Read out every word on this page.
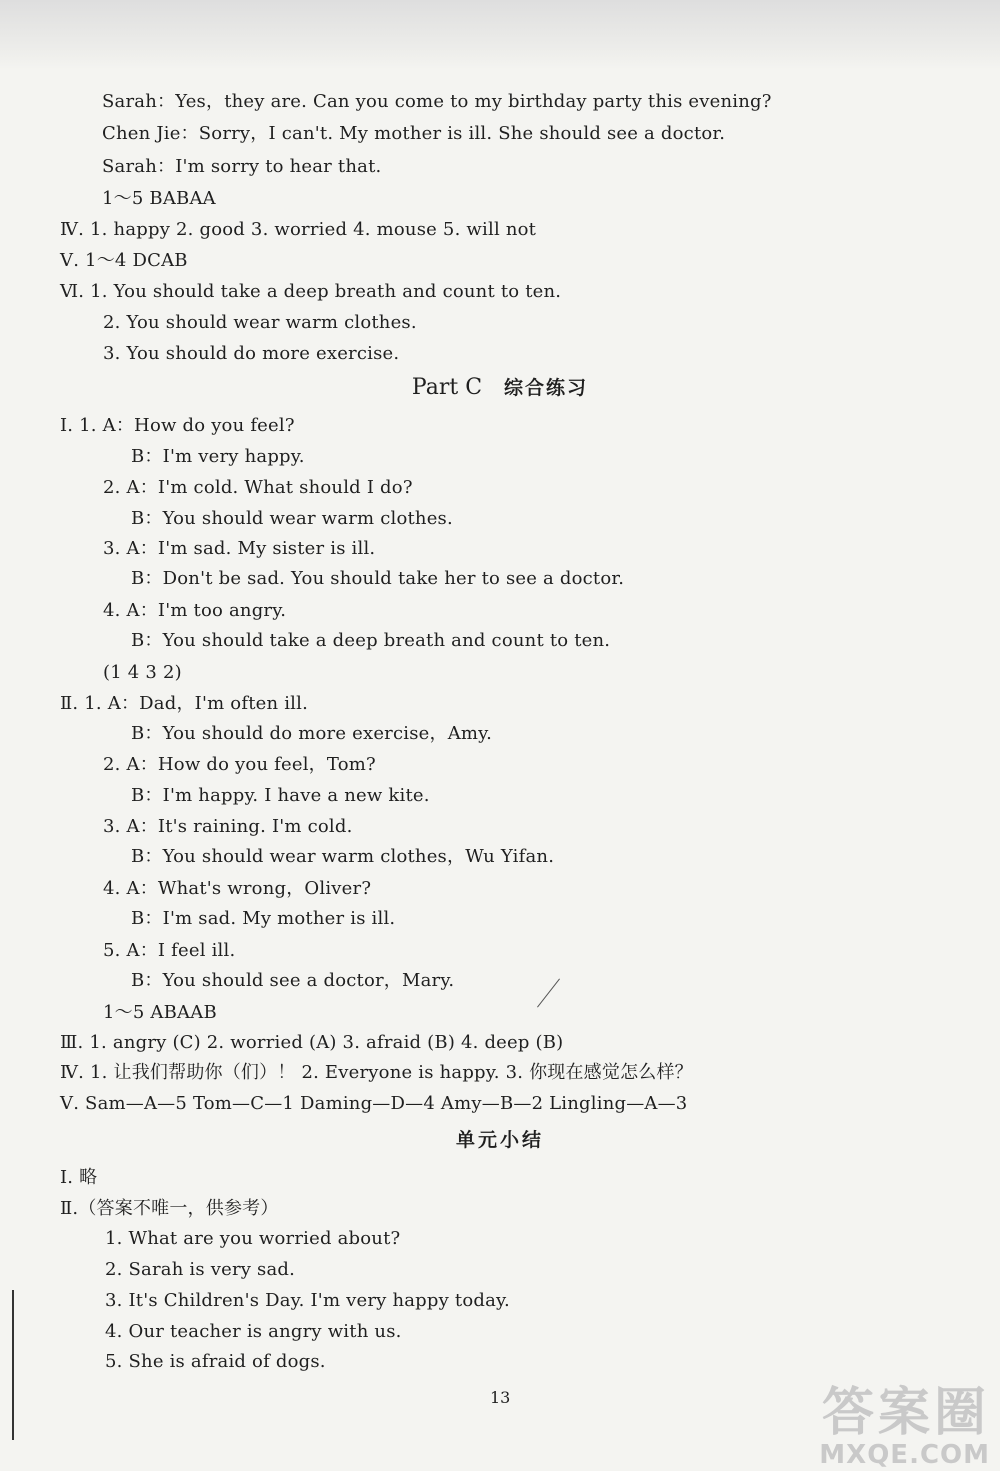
Sarah：Yes，they are. Can you come to my birthday party this evening?
Chen Jie：Sorry，I can't. My mother is ill. She should see a doctor.
Sarah：I'm sorry to hear that.
1～5 BABAA
Ⅳ. 1. happy 2. good 3. worried 4. mouse 5. will not
Ⅴ. 1～4 DCAB
Ⅵ. 1. You should take a deep breath and count to ten.
2. You should wear warm clothes.
3. You should do more exercise.
Ⅰ. 1. A：How do you feel?
B：I'm very happy.
2. A：I'm cold. What should I do?
B：You should wear warm clothes.
3. A：I'm sad. My sister is ill.
B：Don't be sad. You should take her to see a doctor.
4. A：I'm too angry.
B：You should take a deep breath and count to ten.
(1 4 3 2)
Ⅱ. 1. A：Dad，I'm often ill.
B：You should do more exercise，Amy.
2. A：How do you feel，Tom?
B：I'm happy. I have a new kite.
3. A：It's raining. I'm cold.
B：You should wear warm clothes，Wu Yifan.
4. A：What's wrong，Oliver?
B：I'm sad. My mother is ill.
5. A：I feel ill.
B：You should see a doctor，Mary.
1～5 ABAAB
Ⅲ. 1. angry (C) 2. worried (A) 3. afraid (B) 4. deep (B)
Ⅳ. 1. 让我们帮助你（们）！ 2. Everyone is happy. 3. 你现在感觉怎么样？
Ⅴ. Sam—A—5 Tom—C—1 Daming—D—4 Amy—B—2 Lingling—A—3
Ⅰ. 略
Ⅱ.（答案不唯一，供参考）
1. What are you worried about?
2. Sarah is very sad.
3. It's Children's Day. I'm very happy today.
4. Our teacher is angry with us.
5. She is afraid of dogs.
Part C 综合练习
单元小结
13	答案圈
MXQE.COM
